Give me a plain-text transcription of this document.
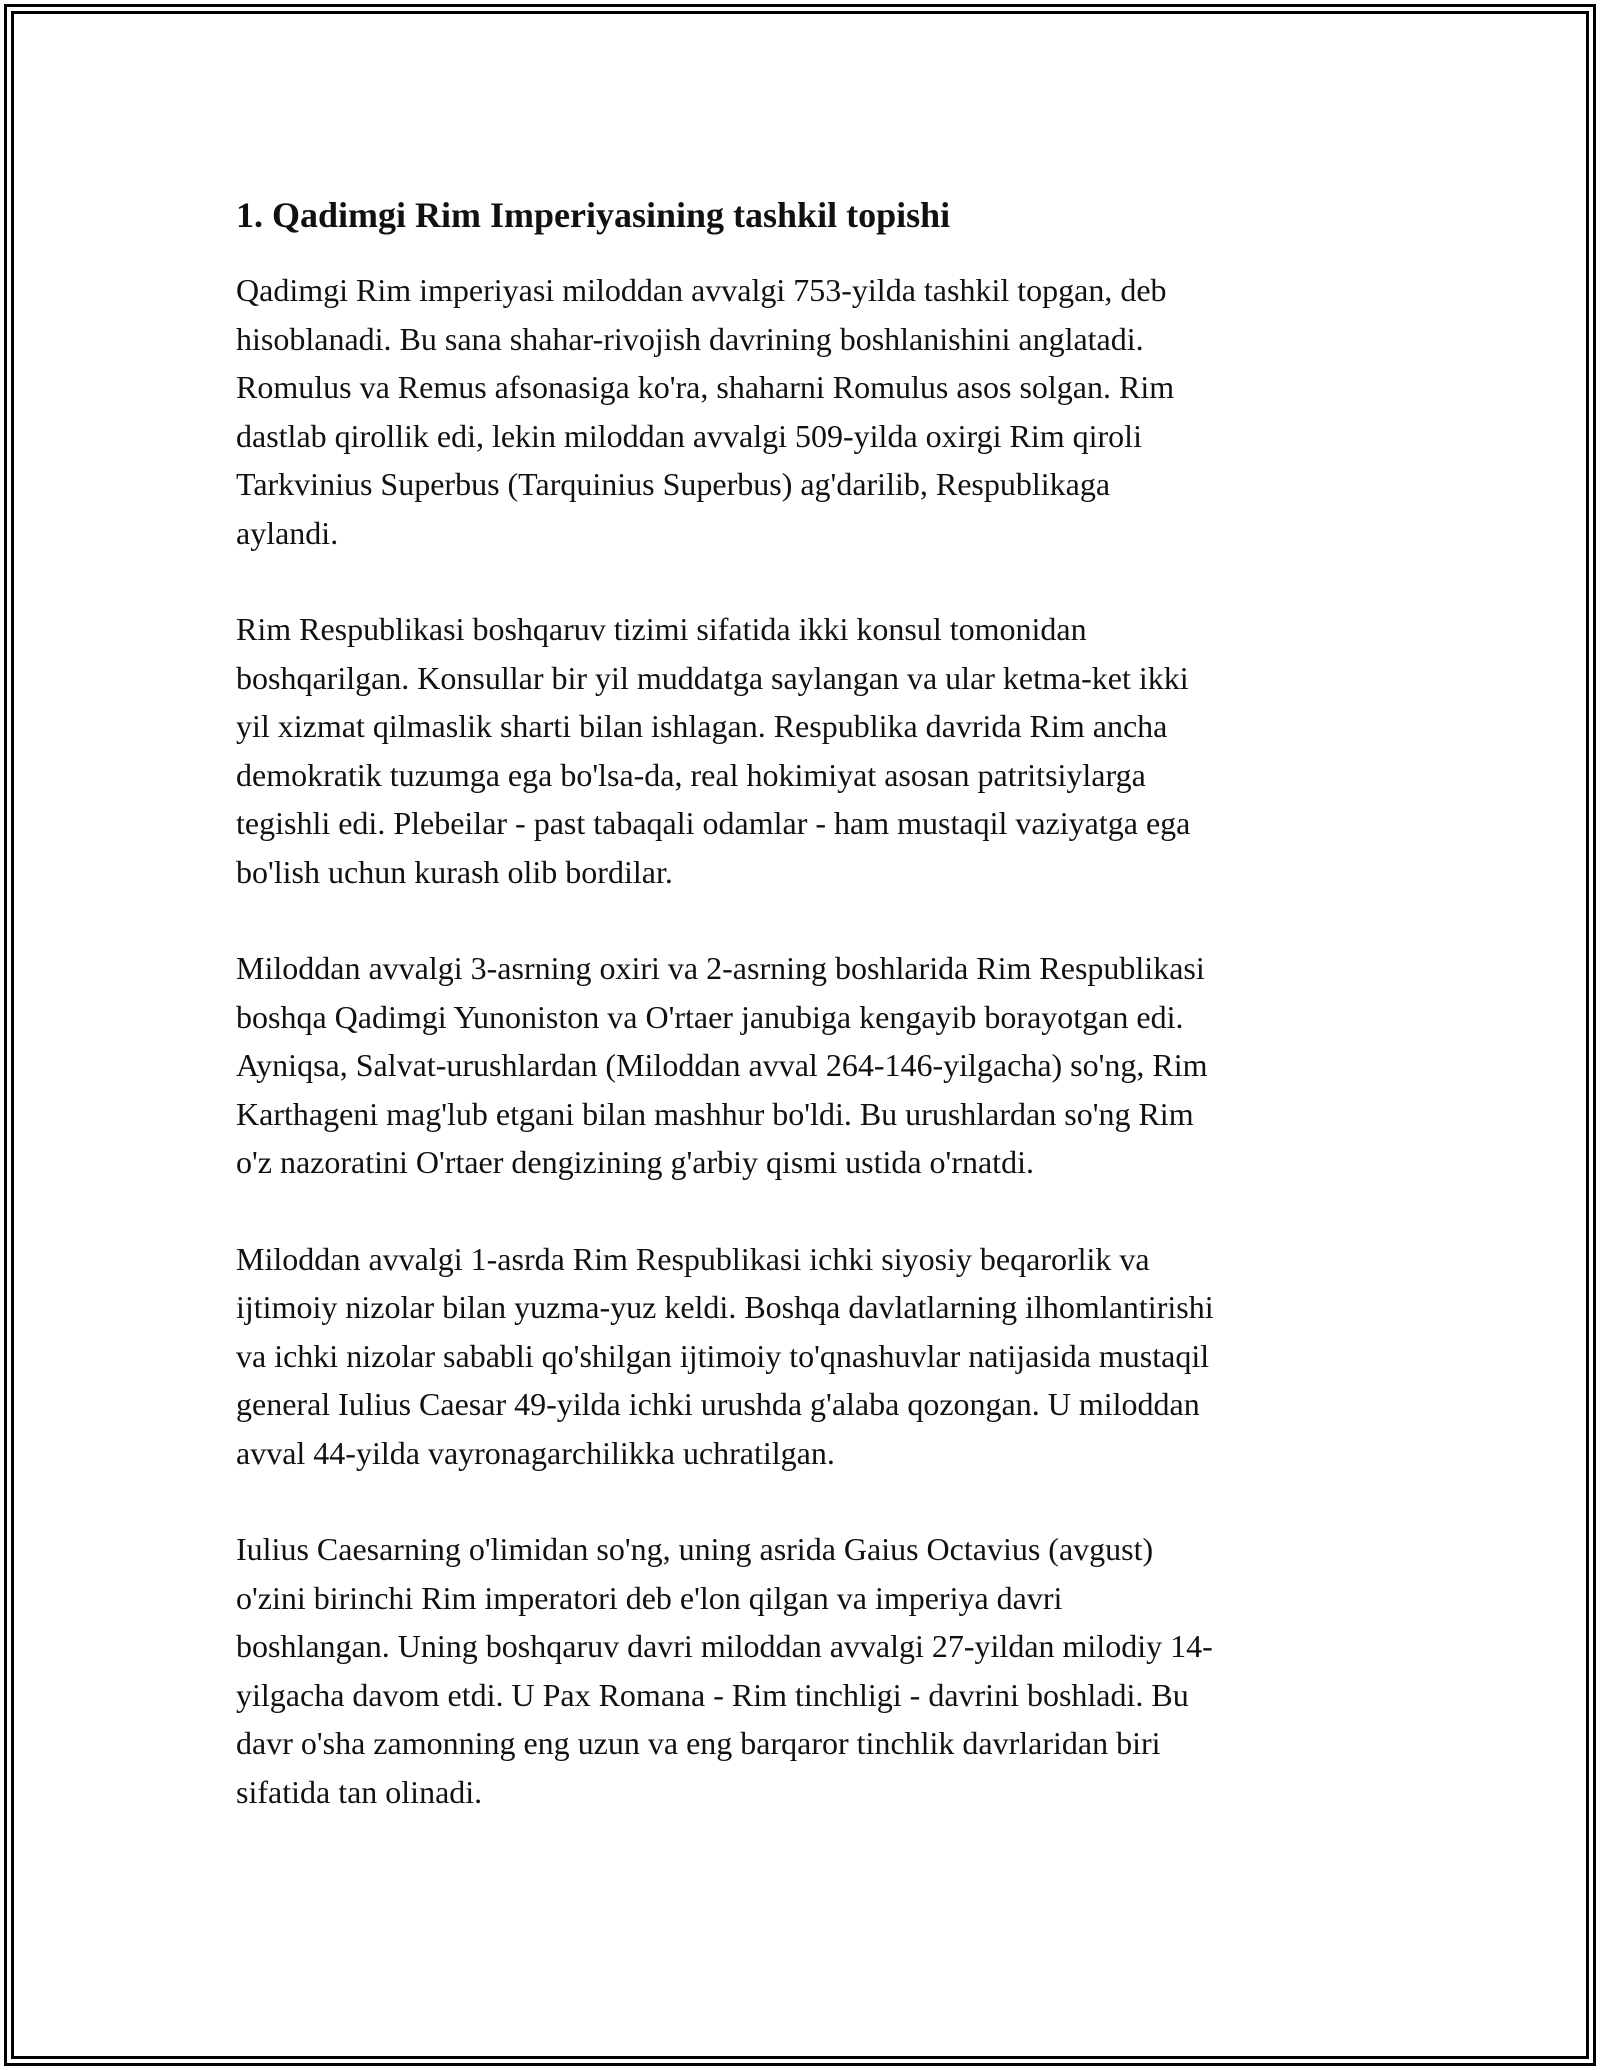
1. Qadimgi Rim Imperiyasining tashkil topishi

Qadimgi Rim imperiyasi miloddan avvalgi 753-yilda tashkil topgan, deb
hisoblanadi. Bu sana shahar-rivojish davrining boshlanishini anglatadi.
Romulus va Remus afsonasiga ko'ra, shaharni Romulus asos solgan. Rim
dastlab qirollik edi, lekin miloddan avvalgi 509-yilda oxirgi Rim qiroli
Tarkvinius Superbus (Tarquinius Superbus) ag'darilib, Respublikaga
aylandi.

Rim Respublikasi boshqaruv tizimi sifatida ikki konsul tomonidan
boshqarilgan. Konsullar bir yil muddatga saylangan va ular ketma-ket ikki
yil xizmat qilmaslik sharti bilan ishlagan. Respublika davrida Rim ancha
demokratik tuzumga ega bo'lsa-da, real hokimiyat asosan patritsiylarga
tegishli edi. Plebeilar - past tabaqali odamlar - ham mustaqil vaziyatga ega
bo'lish uchun kurash olib bordilar.

Miloddan avvalgi 3-asrning oxiri va 2-asrning boshlarida Rim Respublikasi
boshqa Qadimgi Yunoniston va O'rtaer janubiga kengayib borayotgan edi.
Ayniqsa, Salvat-urushlardan (Miloddan avval 264-146-yilgacha) so'ng, Rim
Karthageni mag'lub etgani bilan mashhur bo'ldi. Bu urushlardan so'ng Rim
o'z nazoratini O'rtaer dengizining g'arbiy qismi ustida o'rnatdi.

Miloddan avvalgi 1-asrda Rim Respublikasi ichki siyosiy beqarorlik va
ijtimoiy nizolar bilan yuzma-yuz keldi. Boshqa davlatlarning ilhomlantirishi
va ichki nizolar sababli qo'shilgan ijtimoiy to'qnashuvlar natijasida mustaqil
general Iulius Caesar 49-yilda ichki urushda g'alaba qozongan. U miloddan
avval 44-yilda vayronagarchilikka uchratilgan.

Iulius Caesarning o'limidan so'ng, uning asrida Gaius Octavius (avgust)
o'zini birinchi Rim imperatori deb e'lon qilgan va imperiya davri
boshlangan. Uning boshqaruv davri miloddan avvalgi 27-yildan milodiy 14-
yilgacha davom etdi. U Pax Romana - Rim tinchligi - davrini boshladi. Bu
davr o'sha zamonning eng uzun va eng barqaror tinchlik davrlaridan biri
sifatida tan olinadi.
